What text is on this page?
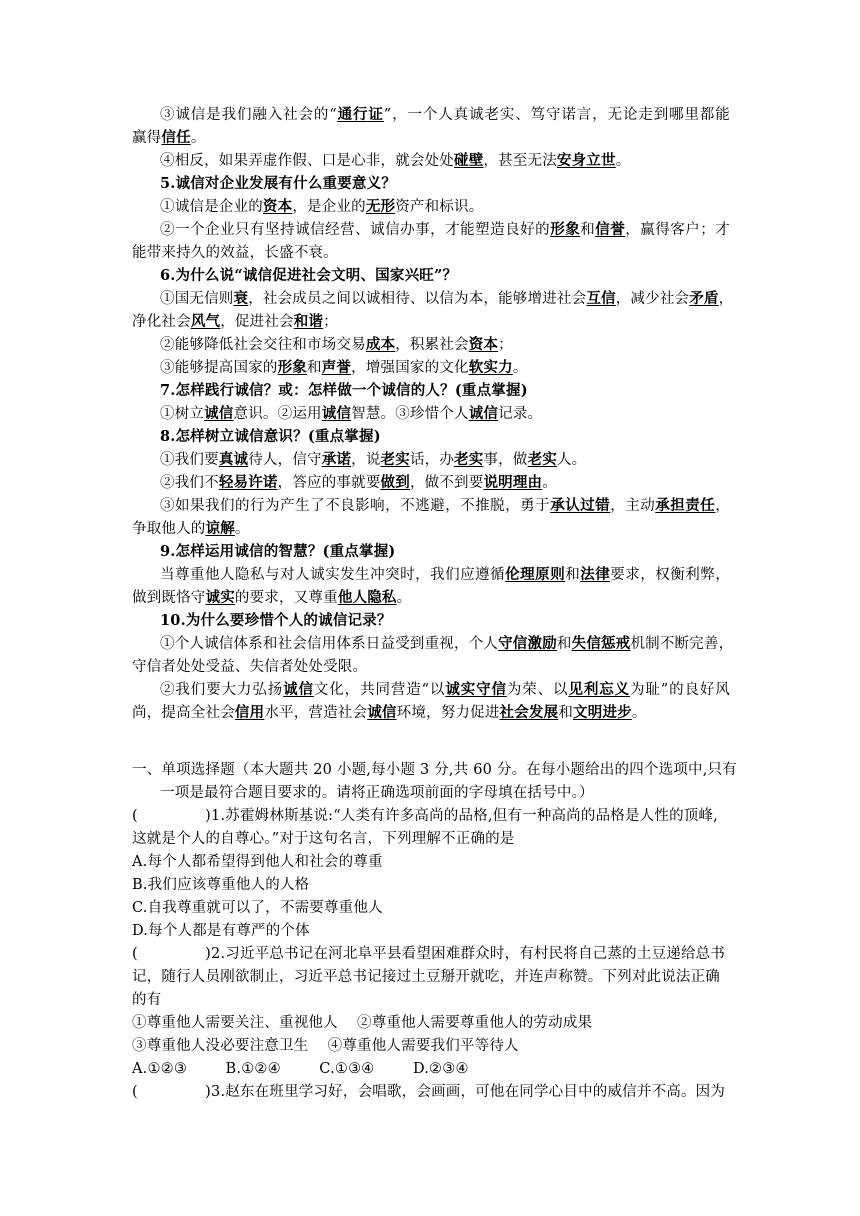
③诚信是我们融入社会的“通行证”，一个人真诚老实、笃守诺言，无论走到哪里都能
赢得信任。
④相反，如果弄虚作假、口是心非，就会处处碰壁，甚至无法安身立世。
5.诚信对企业发展有什么重要意义？
①诚信是企业的资本，是企业的无形资产和标识。
②一个企业只有坚持诚信经营、诚信办事，才能塑造良好的形象和信誉，赢得客户；才
能带来持久的效益，长盛不衰。
6.为什么说“诚信促进社会文明、国家兴旺”？
①国无信则衰，社会成员之间以诚相待、以信为本，能够增进社会互信，减少社会矛盾，
净化社会风气，促进社会和谐；
②能够降低社会交往和市场交易成本，积累社会资本；
③能够提高国家的形象和声誉，增强国家的文化软实力。
7.怎样践行诚信？或：怎样做一个诚信的人？(重点掌握)
①树立诚信意识。②运用诚信智慧。③珍惜个人诚信记录。
8.怎样树立诚信意识？(重点掌握)
①我们要真诚待人，信守承诺，说老实话，办老实事，做老实人。
②我们不轻易许诺，答应的事就要做到，做不到要说明理由。
③如果我们的行为产生了不良影响，不逃避，不推脱，勇于承认过错，主动承担责任，
争取他人的谅解。
9.怎样运用诚信的智慧？(重点掌握)
当尊重他人隐私与对人诚实发生冲突时，我们应遵循伦理原则和法律要求，权衡利弊，
做到既恪守诚实的要求，又尊重他人隐私。
10.为什么要珍惜个人的诚信记录？
①个人诚信体系和社会信用体系日益受到重视，个人守信激励和失信惩戒机制不断完善，
守信者处处受益、失信者处处受限。
②我们要大力弘扬诚信文化，共同营造“以诚实守信为荣、以见利忘义为耻”的良好风
尚，提高全社会信用水平，营造社会诚信环境，努力促进社会发展和文明进步。
一、单项选择题（本大题共 20 小题,每小题 3 分,共 60 分。在每小题给出的四个选项中,只有
一项是最符合题目要求的。请将正确选项前面的字母填在括号中。）
(              )1.苏霍姆林斯基说:“人类有许多高尚的品格,但有一种高尚的品格是人性的顶峰,
这就是个人的自尊心。”对于这句名言，下列理解不正确的是
A.每个人都希望得到他人和社会的尊重
B.我们应该尊重他人的人格
C.自我尊重就可以了，不需要尊重他人
D.每个人都是有尊严的个体
(              )2.习近平总书记在河北阜平县看望困难群众时，有村民将自己蒸的土豆递给总书
记，随行人员刚欲制止，习近平总书记接过土豆掰开就吃，并连声称赞。下列对此说法正确
的有
①尊重他人需要关注、重视他人    ②尊重他人需要尊重他人的劳动成果
③尊重他人没必要注意卫生    ④尊重他人需要我们平等待人
A.①②③        B.①②④        C.①③④        D.②③④
(              )3.赵东在班里学习好，会唱歌，会画画，可他在同学心目中的威信并不高。因为
